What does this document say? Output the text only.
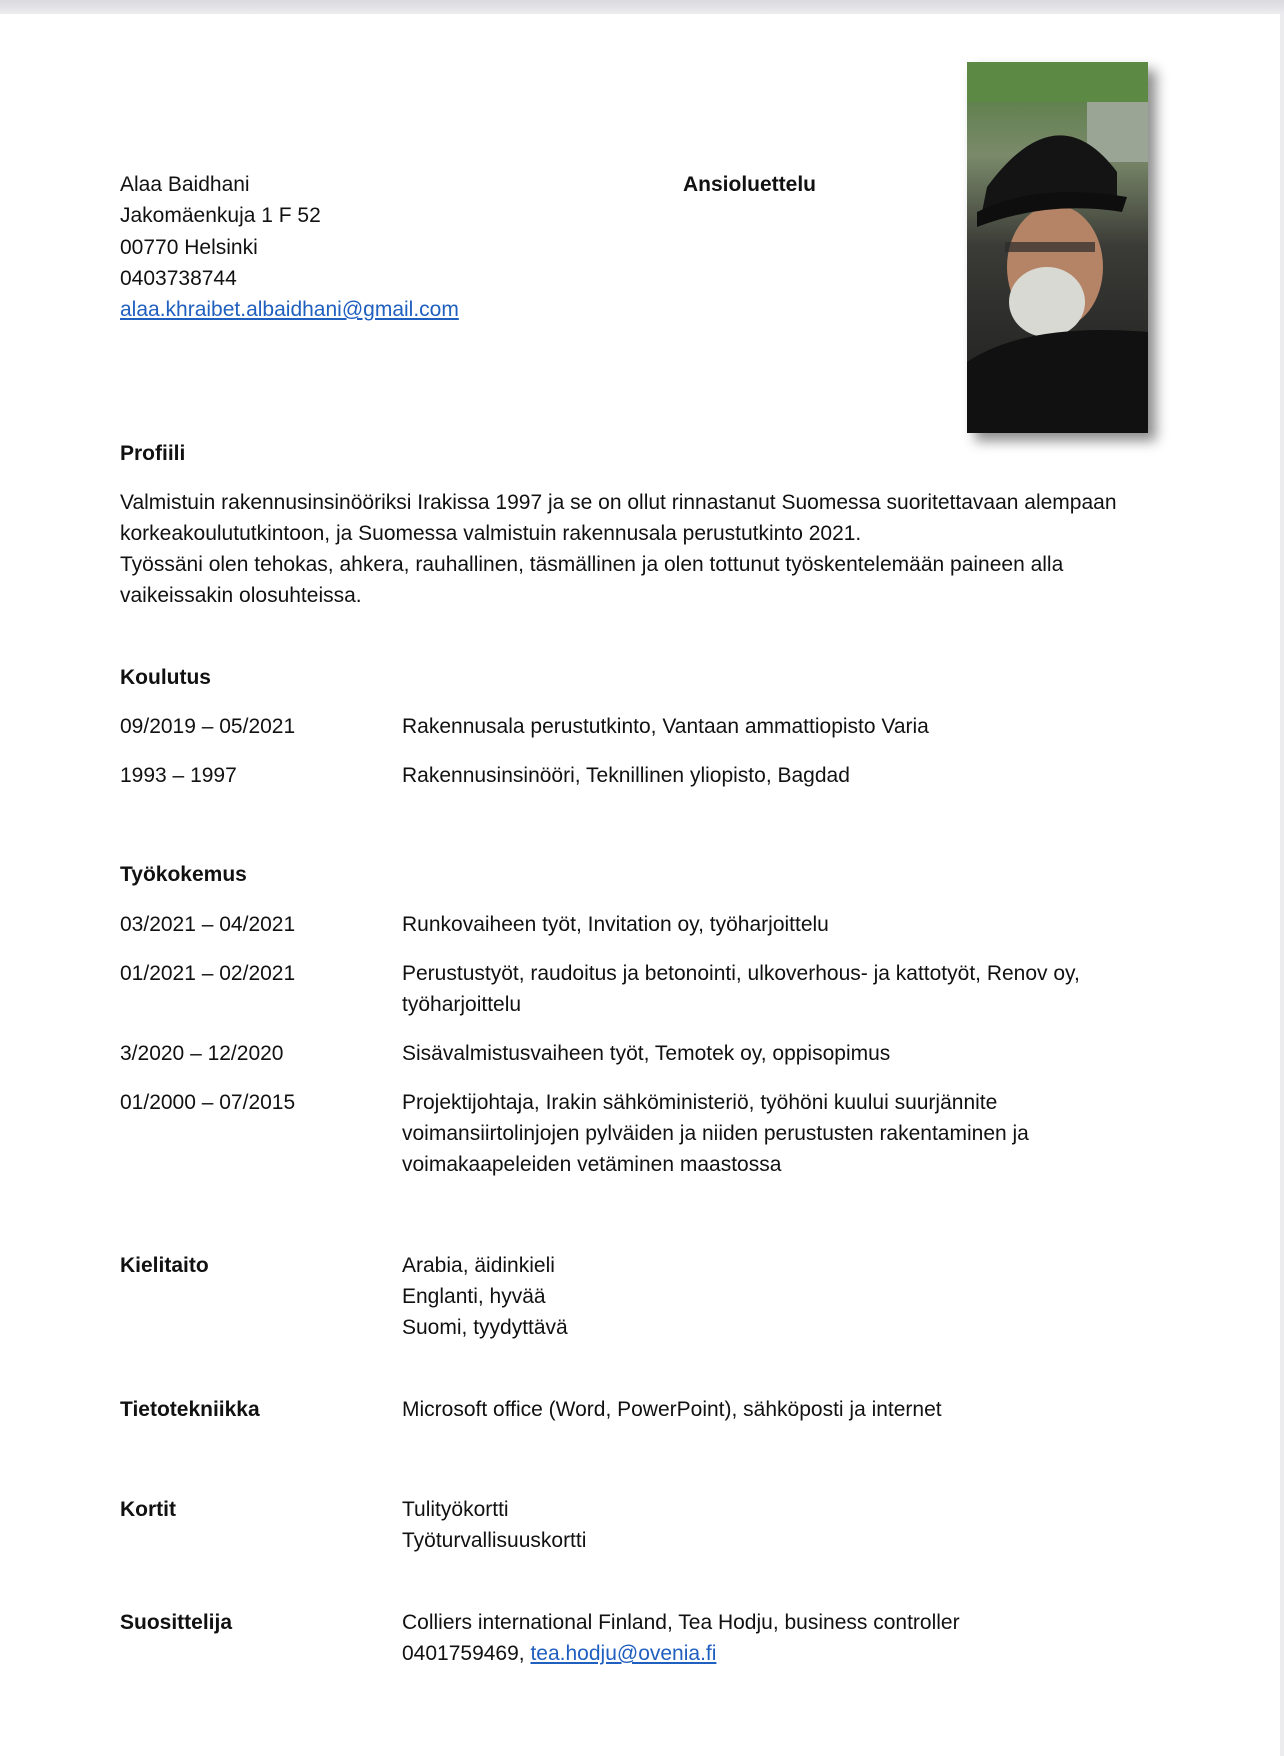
Alaa Baidhani
Jakomäenkuja 1 F 52
00770 Helsinki
0403738744
alaa.khraibet.albaidhani@gmail.com
Ansioluettelu
Profiili
Valmistuin rakennusinsinööriksi Irakissa 1997 ja se on ollut rinnastanut Suomessa suoritettavaan alempaan
korkeakoulututkintoon, ja Suomessa valmistuin rakennusala perustutkinto 2021.
Työssäni olen tehokas, ahkera, rauhallinen, täsmällinen ja olen tottunut työskentelemään paineen alla
vaikeissakin olosuhteissa.
Koulutus
09/2019 – 05/2021	Rakennusala perustutkinto, Vantaan ammattiopisto Varia
1993 – 1997	Rakennusinsinööri, Teknillinen yliopisto, Bagdad
Työkokemus
03/2021 – 04/2021	Runkovaiheen työt, Invitation oy, työharjoittelu
01/2021 – 02/2021	Perustustyöt, raudoitus ja betonointi, ulkoverhous- ja kattotyöt, Renov oy,
työharjoittelu
3/2020 – 12/2020	Sisävalmistusvaiheen työt, Temotek oy, oppisopimus
01/2000 – 07/2015	Projektijohtaja, Irakin sähköministeriö, työhöni kuului suurjännite
voimansiirtolinjojen pylväiden ja niiden perustusten rakentaminen ja
voimakaapeleiden vetäminen maastossa
Kielitaito	Arabia, äidinkieli
Englanti, hyvää
Suomi, tyydyttävä
Tietotekniikka	Microsoft office (Word, PowerPoint), sähköposti ja internet
Kortit	Tulityökortti
Työturvallisuuskortti
Suosittelija	Colliers international Finland, Tea Hodju, business controller
0401759469, tea.hodju@ovenia.fi
